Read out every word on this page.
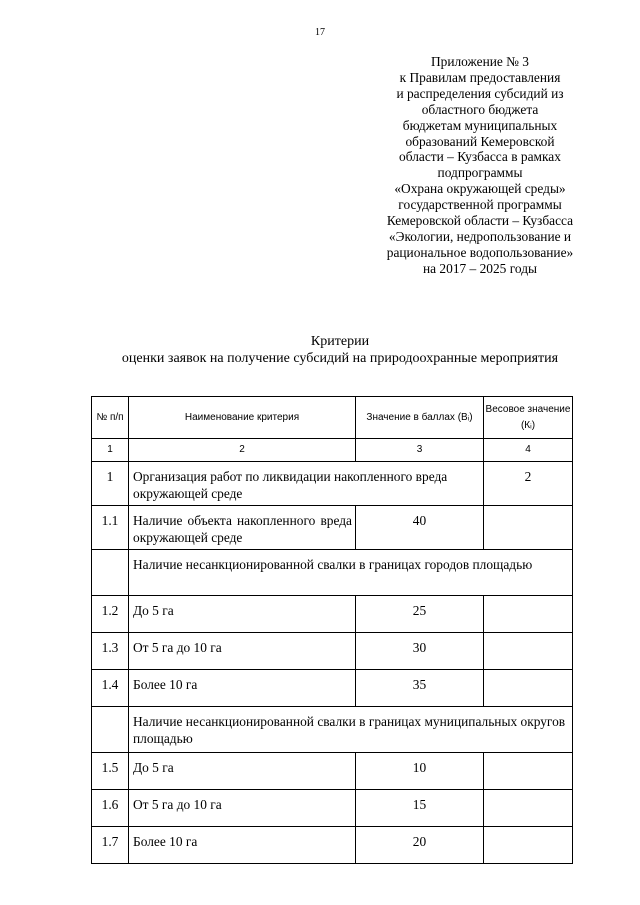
17
Приложение № 3
к Правилам предоставления
и распределения субсидий из
областного бюджета
бюджетам муниципальных
образований Кемеровской
области – Кузбасса в рамках
подпрограммы
«Охрана окружающей среды»
государственной программы
Кемеровской области – Кузбасса
«Экологии, недропользование и
рациональное водопользование»
на 2017 – 2025 годы
Критерии
оценки заявок на получение субсидий на природоохранные мероприятия
№ п/п	Наименование критерия	Значение в баллах (Вᵢ)	Весовое значение (Кᵢ)
1	2	3	4
1	Организация работ по ликвидации накопленного вреда окружающей среде		2
1.1	Наличие объекта накопленного вреда окружающей среде	40	
	Наличие несанкционированной свалки в границах городов площадью		
1.2	До 5 га	25	
1.3	От 5 га до 10 га	30	
1.4	Более 10 га	35	
	Наличие несанкционированной свалки в границах муниципальных округов площадью		
1.5	До 5 га	10	
1.6	От 5 га до 10 га	15	
1.7	Более 10 га	20	
